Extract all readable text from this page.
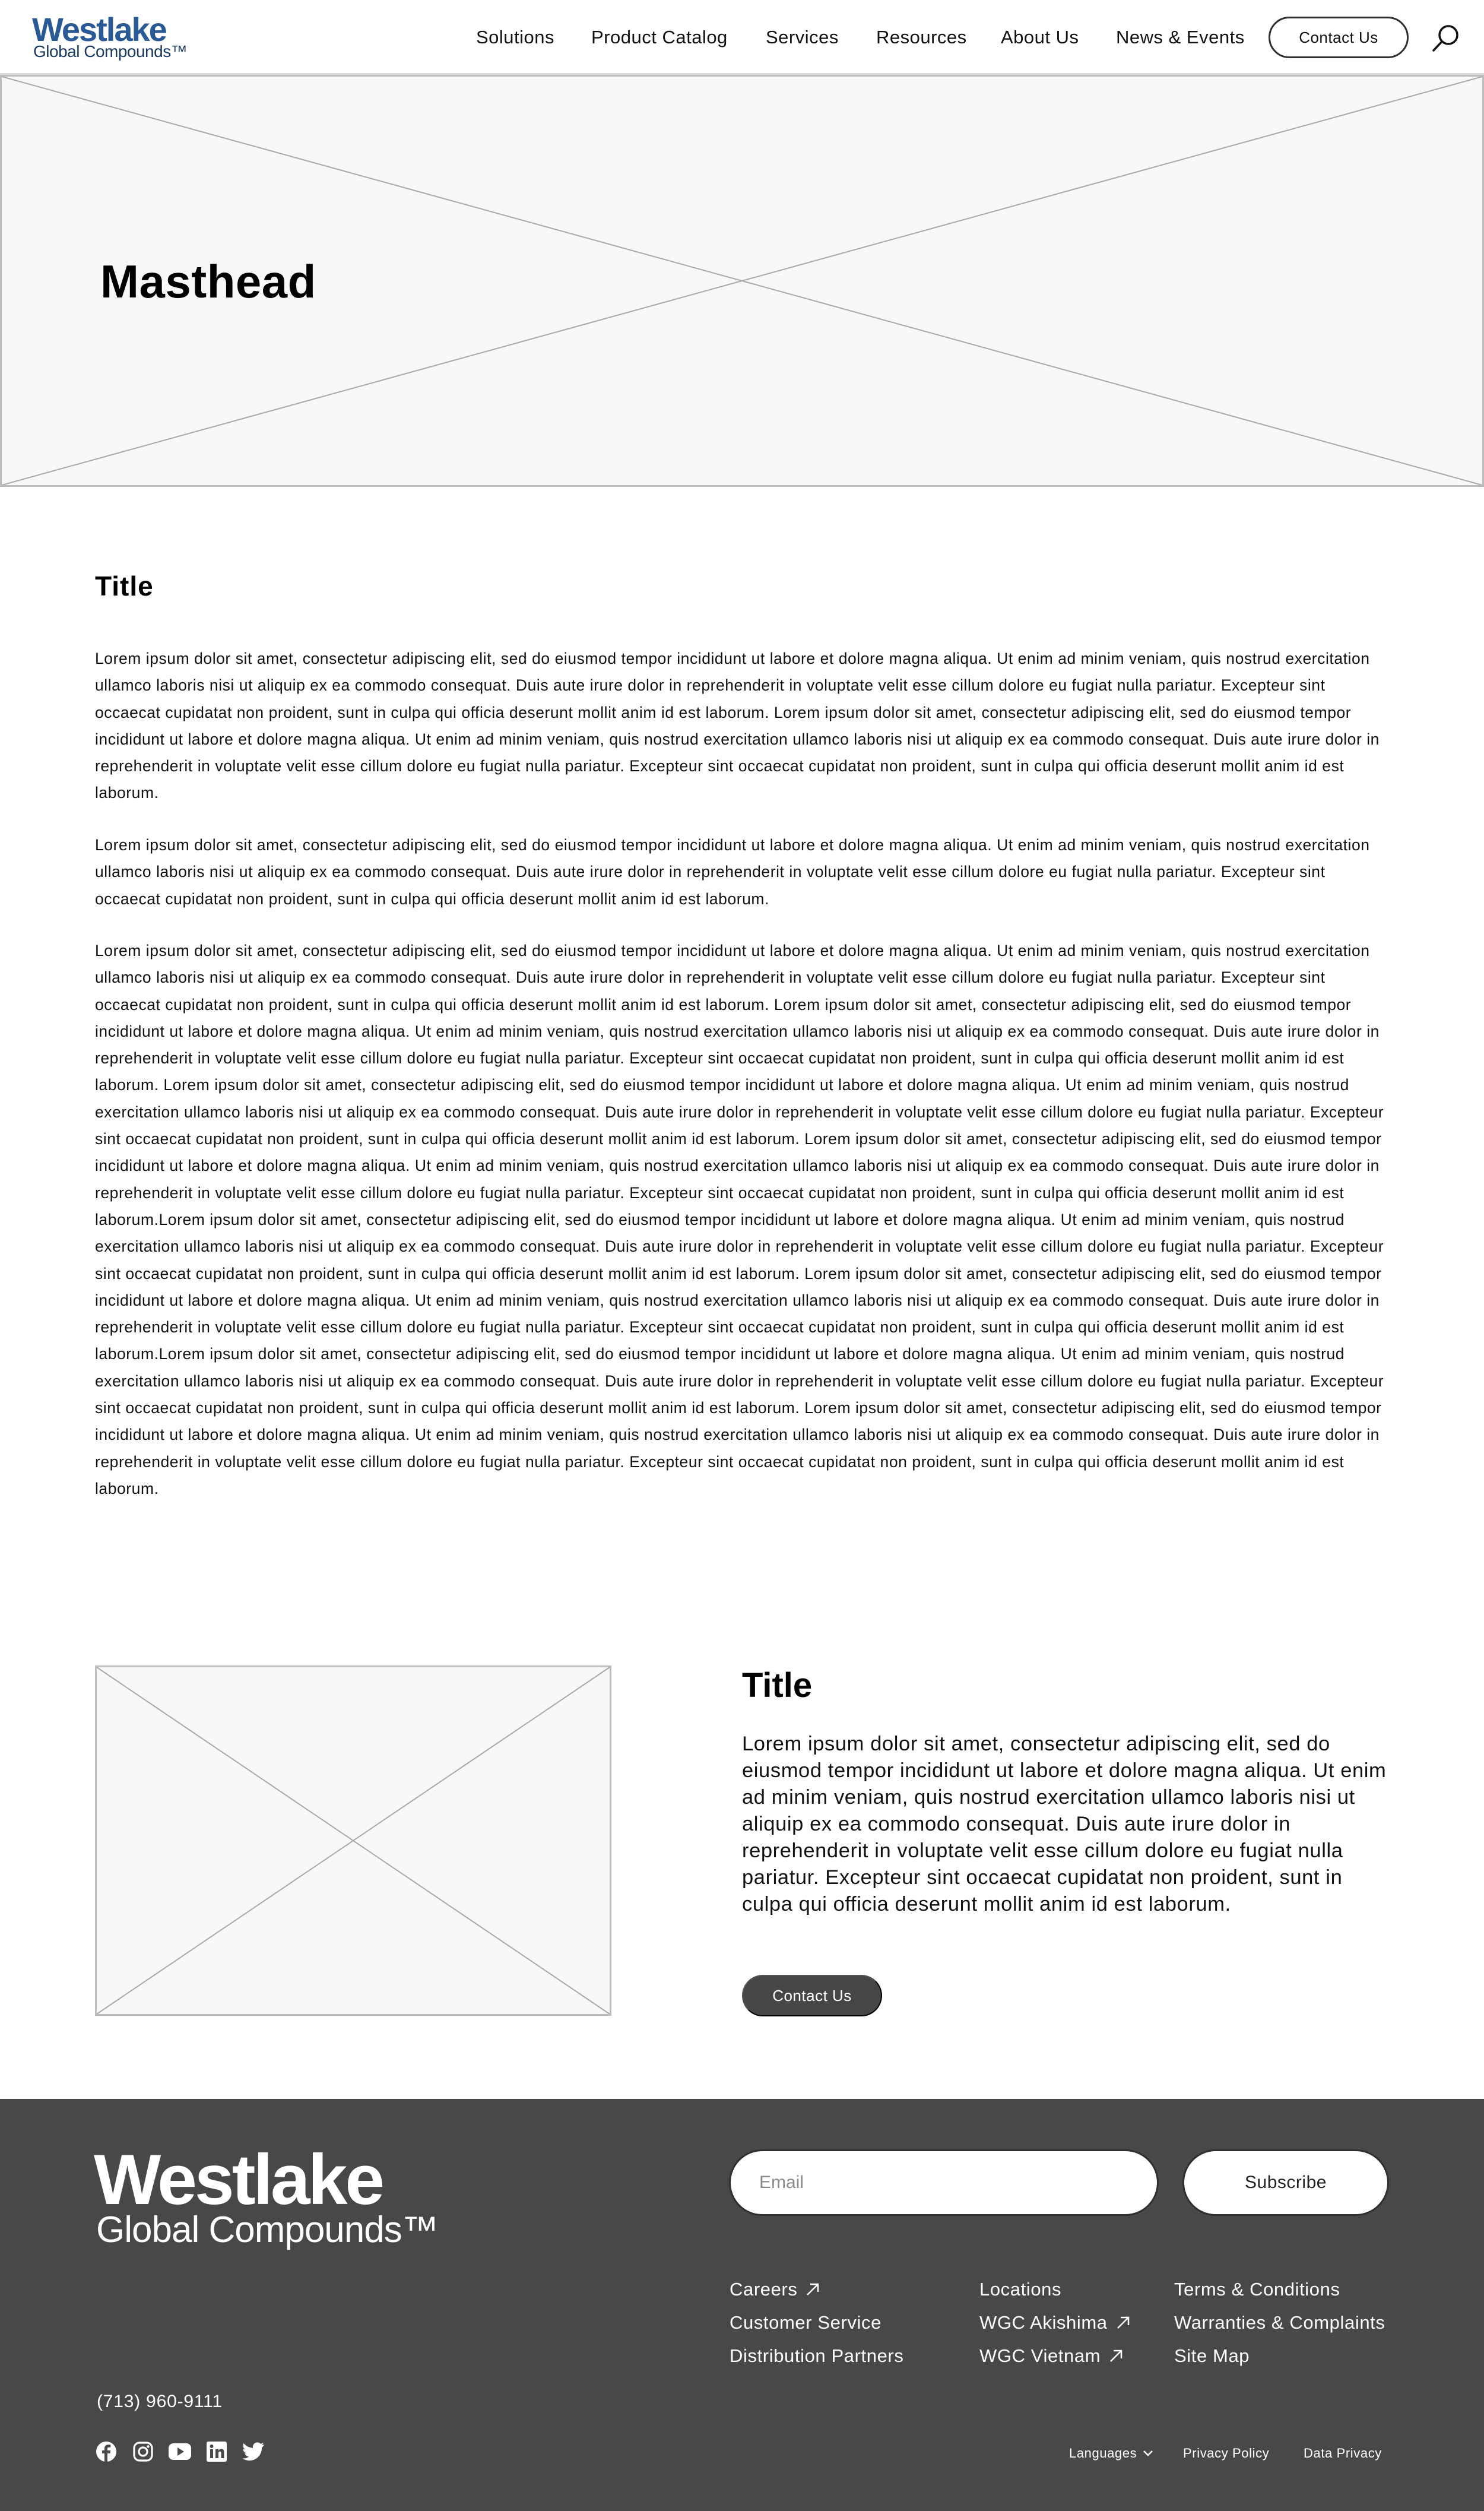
Westlake
Global Compounds™
Solutions Product Catalog Services Resources About Us News & Events	Contact Us
Masthead
Title

Lorem ipsum dolor sit amet, consectetur adipiscing elit, sed do eiusmod tempor incididunt ut labore et dolore magna aliqua. Ut enim ad minim veniam, quis nostrud exercitation ullamco laboris nisi ut aliquip ex ea commodo consequat. Duis aute irure dolor in reprehenderit in voluptate velit esse cillum dolore eu fugiat nulla pariatur. Excepteur sint occaecat cupidatat non proident, sunt in culpa qui officia deserunt mollit anim id est laborum. Lorem ipsum dolor sit amet, consectetur adipiscing elit, sed do eiusmod tempor incididunt ut labore et dolore magna aliqua. Ut enim ad minim veniam, quis nostrud exercitation ullamco laboris nisi ut aliquip ex ea commodo consequat. Duis aute irure dolor in reprehenderit in voluptate velit esse cillum dolore eu fugiat nulla pariatur. Excepteur sint occaecat cupidatat non proident, sunt in culpa qui officia deserunt mollit anim id est laborum.

Lorem ipsum dolor sit amet, consectetur adipiscing elit, sed do eiusmod tempor incididunt ut labore et dolore magna aliqua. Ut enim ad minim veniam, quis nostrud exercitation ullamco laboris nisi ut aliquip ex ea commodo consequat. Duis aute irure dolor in reprehenderit in voluptate velit esse cillum dolore eu fugiat nulla pariatur. Excepteur sint occaecat cupidatat non proident, sunt in culpa qui officia deserunt mollit anim id est laborum.

Lorem ipsum dolor sit amet, consectetur adipiscing elit, sed do eiusmod tempor incididunt ut labore et dolore magna aliqua. Ut enim ad minim veniam, quis nostrud exercitation ullamco laboris nisi ut aliquip ex ea commodo consequat. Duis aute irure dolor in reprehenderit in voluptate velit esse cillum dolore eu fugiat nulla pariatur. Excepteur sint occaecat cupidatat non proident, sunt in culpa qui officia deserunt mollit anim id est laborum. Lorem ipsum dolor sit amet, consectetur adipiscing elit, sed do eiusmod tempor incididunt ut labore et dolore magna aliqua. Ut enim ad minim veniam, quis nostrud exercitation ullamco laboris nisi ut aliquip ex ea commodo consequat. Duis aute irure dolor in reprehenderit in voluptate velit esse cillum dolore eu fugiat nulla pariatur. Excepteur sint occaecat cupidatat non proident, sunt in culpa qui officia deserunt mollit anim id est laborum. Lorem ipsum dolor sit amet, consectetur adipiscing elit, sed do eiusmod tempor incididunt ut labore et dolore magna aliqua. Ut enim ad minim veniam, quis nostrud exercitation ullamco laboris nisi ut aliquip ex ea commodo consequat. Duis aute irure dolor in reprehenderit in voluptate velit esse cillum dolore eu fugiat nulla pariatur. Excepteur sint occaecat cupidatat non proident, sunt in culpa qui officia deserunt mollit anim id est laborum. Lorem ipsum dolor sit amet, consectetur adipiscing elit, sed do eiusmod tempor incididunt ut labore et dolore magna aliqua. Ut enim ad minim veniam, quis nostrud exercitation ullamco laboris nisi ut aliquip ex ea commodo consequat. Duis aute irure dolor in reprehenderit in voluptate velit esse cillum dolore eu fugiat nulla pariatur. Excepteur sint occaecat cupidatat non proident, sunt in culpa qui officia deserunt mollit anim id est laborum.Lorem ipsum dolor sit amet, consectetur adipiscing elit, sed do eiusmod tempor incididunt ut labore et dolore magna aliqua. Ut enim ad minim veniam, quis nostrud exercitation ullamco laboris nisi ut aliquip ex ea commodo consequat. Duis aute irure dolor in reprehenderit in voluptate velit esse cillum dolore eu fugiat nulla pariatur. Excepteur sint occaecat cupidatat non proident, sunt in culpa qui officia deserunt mollit anim id est laborum. Lorem ipsum dolor sit amet, consectetur adipiscing elit, sed do eiusmod tempor incididunt ut labore et dolore magna aliqua. Ut enim ad minim veniam, quis nostrud exercitation ullamco laboris nisi ut aliquip ex ea commodo consequat. Duis aute irure dolor in reprehenderit in voluptate velit esse cillum dolore eu fugiat nulla pariatur. Excepteur sint occaecat cupidatat non proident, sunt in culpa qui officia deserunt mollit anim id est laborum.Lorem ipsum dolor sit amet, consectetur adipiscing elit, sed do eiusmod tempor incididunt ut labore et dolore magna aliqua. Ut enim ad minim veniam, quis nostrud exercitation ullamco laboris nisi ut aliquip ex ea commodo consequat. Duis aute irure dolor in reprehenderit in voluptate velit esse cillum dolore eu fugiat nulla pariatur. Excepteur sint occaecat cupidatat non proident, sunt in culpa qui officia deserunt mollit anim id est laborum. Lorem ipsum dolor sit amet, consectetur adipiscing elit, sed do eiusmod tempor incididunt ut labore et dolore magna aliqua. Ut enim ad minim veniam, quis nostrud exercitation ullamco laboris nisi ut aliquip ex ea commodo consequat. Duis aute irure dolor in reprehenderit in voluptate velit esse cillum dolore eu fugiat nulla pariatur. Excepteur sint occaecat cupidatat non proident, sunt in culpa qui officia deserunt mollit anim id est laborum.

Title

Lorem ipsum dolor sit amet, consectetur adipiscing elit, sed do eiusmod tempor incididunt ut labore et dolore magna aliqua. Ut enim ad minim veniam, quis nostrud exercitation ullamco laboris nisi ut aliquip ex ea commodo consequat. Duis aute irure dolor in reprehenderit in voluptate velit esse cillum dolore eu fugiat nulla pariatur. Excepteur sint occaecat cupidatat non proident, sunt in culpa qui officia deserunt mollit anim id est laborum.

Contact Us
Westlake
Global Compounds™
Email
Subscribe
Careers
Customer Service
Distribution Partners
Locations
WGC Akishima
WGC Vietnam
Terms & Conditions
Warranties & Complaints
Site Map
(713) 960-9111
Languages	Privacy Policy	Data Privacy
